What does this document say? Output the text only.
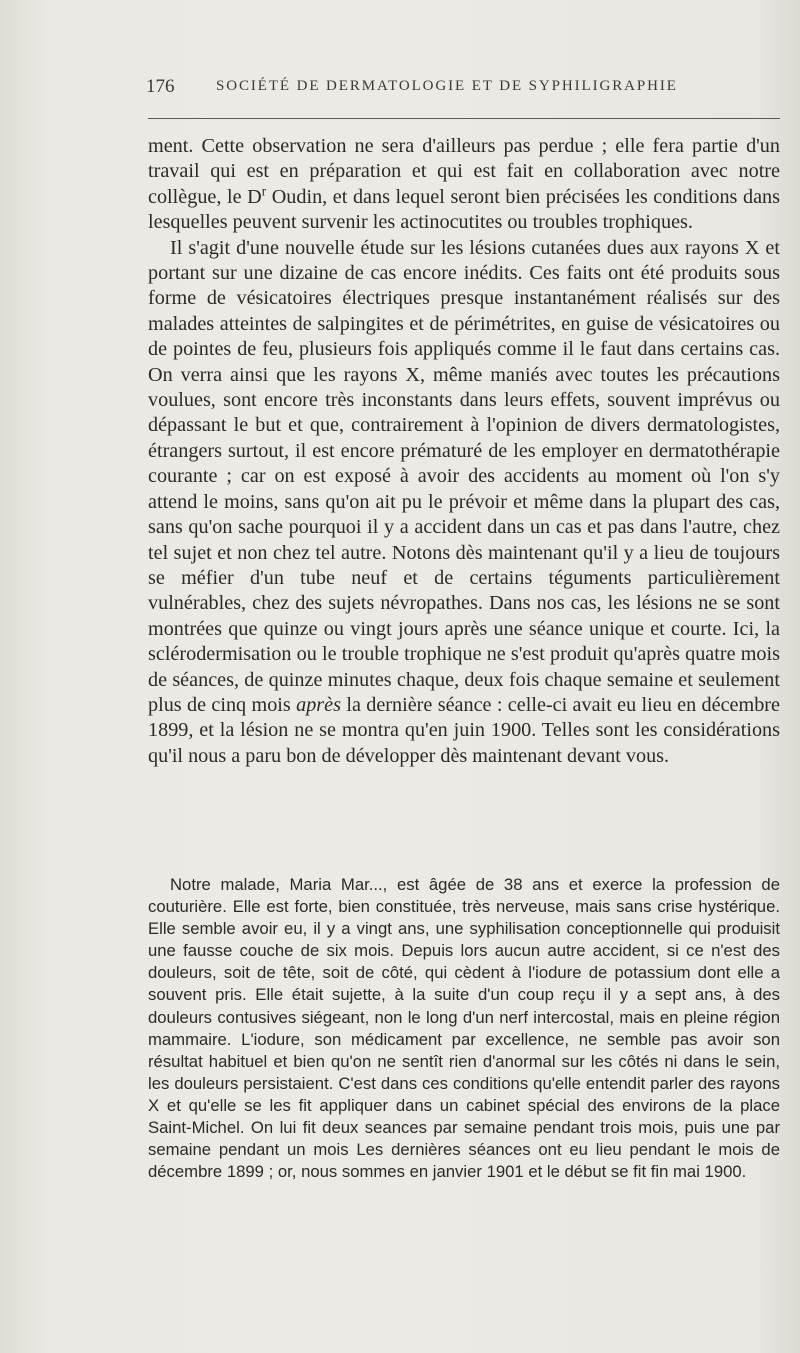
176	SOCIÉTÉ DE DERMATOLOGIE ET DE SYPHILIGRAPHIE

ment. Cette observation ne sera d'ailleurs pas perdue ; elle fera partie d'un travail qui est en préparation et qui est fait en collaboration avec notre collègue, le $D^r$ Oudin, et dans lequel seront bien précisées les conditions dans lesquelles peuvent survenir les actinocutites ou troubles trophiques.

Il s'agit d'une nouvelle étude sur les lésions cutanées dues aux rayons X et portant sur une dizaine de cas encore inédits. Ces faits ont été produits sous forme de vésicatoires électriques presque instantanément réalisés sur des malades atteintes de salpingites et de périmétrites, en guise de vésicatoires ou de pointes de feu, plusieurs fois appliqués comme il le faut dans certains cas. On verra ainsi que les rayons X, même maniés avec toutes les précautions voulues, sont encore très inconstants dans leurs effets, souvent imprévus ou dépassant le but et que, contrairement à l'opinion de divers dermatologistes, étrangers surtout, il est encore prématuré de les employer en dermatothérapie courante ; car on est exposé à avoir des accidents au moment où l'on s'y attend le moins, sans qu'on ait pu le prévoir et même dans la plupart des cas, sans qu'on sache pourquoi il y a accident dans un cas et pas dans l'autre, chez tel sujet et non chez tel autre. Notons dès maintenant qu'il y a lieu de toujours se méfier d'un tube neuf et de certains téguments particulièrement vulnérables, chez des sujets névropathes. Dans nos cas, les lésions ne se sont montrées que quinze ou vingt jours après une séance unique et courte. Ici, la sclérodermisation ou le trouble trophique ne s'est produit qu'après quatre mois de séances, de quinze minutes chaque, deux fois chaque semaine et seulement plus de cinq mois après la dernière séance : celle-ci avait eu lieu en décembre 1899, et la lésion ne se montra qu'en juin 1900. Telles sont les considérations qu'il nous a paru bon de développer dès maintenant devant vous.

Notre malade, Maria Mar..., est âgée de 38 ans et exerce la profession de couturière. Elle est forte, bien constituée, très nerveuse, mais sans crise hystérique. Elle semble avoir eu, il y a vingt ans, une syphilisation conceptionnelle qui produisit une fausse couche de six mois. Depuis lors aucun autre accident, si ce n'est des douleurs, soit de tête, soit de côté, qui cèdent à l'iodure de potassium dont elle a souvent pris. Elle était sujette, à la suite d'un coup reçu il y a sept ans, à des douleurs contusives siégeant, non le long d'un nerf intercostal, mais en pleine région mammaire. L'iodure, son médicament par excellence, ne semble pas avoir son résultat habituel et bien qu'on ne sentît rien d'anormal sur les côtés ni dans le sein, les douleurs persistaient. C'est dans ces conditions qu'elle entendit parler des rayons X et qu'elle se les fit appliquer dans un cabinet spécial des environs de la place Saint-Michel. On lui fit deux seances par semaine pendant trois mois, puis une par semaine pendant un mois Les dernières séances ont eu lieu pendant le mois de décembre 1899 ; or, nous sommes en janvier 1901 et le début se fit fin mai 1900.
